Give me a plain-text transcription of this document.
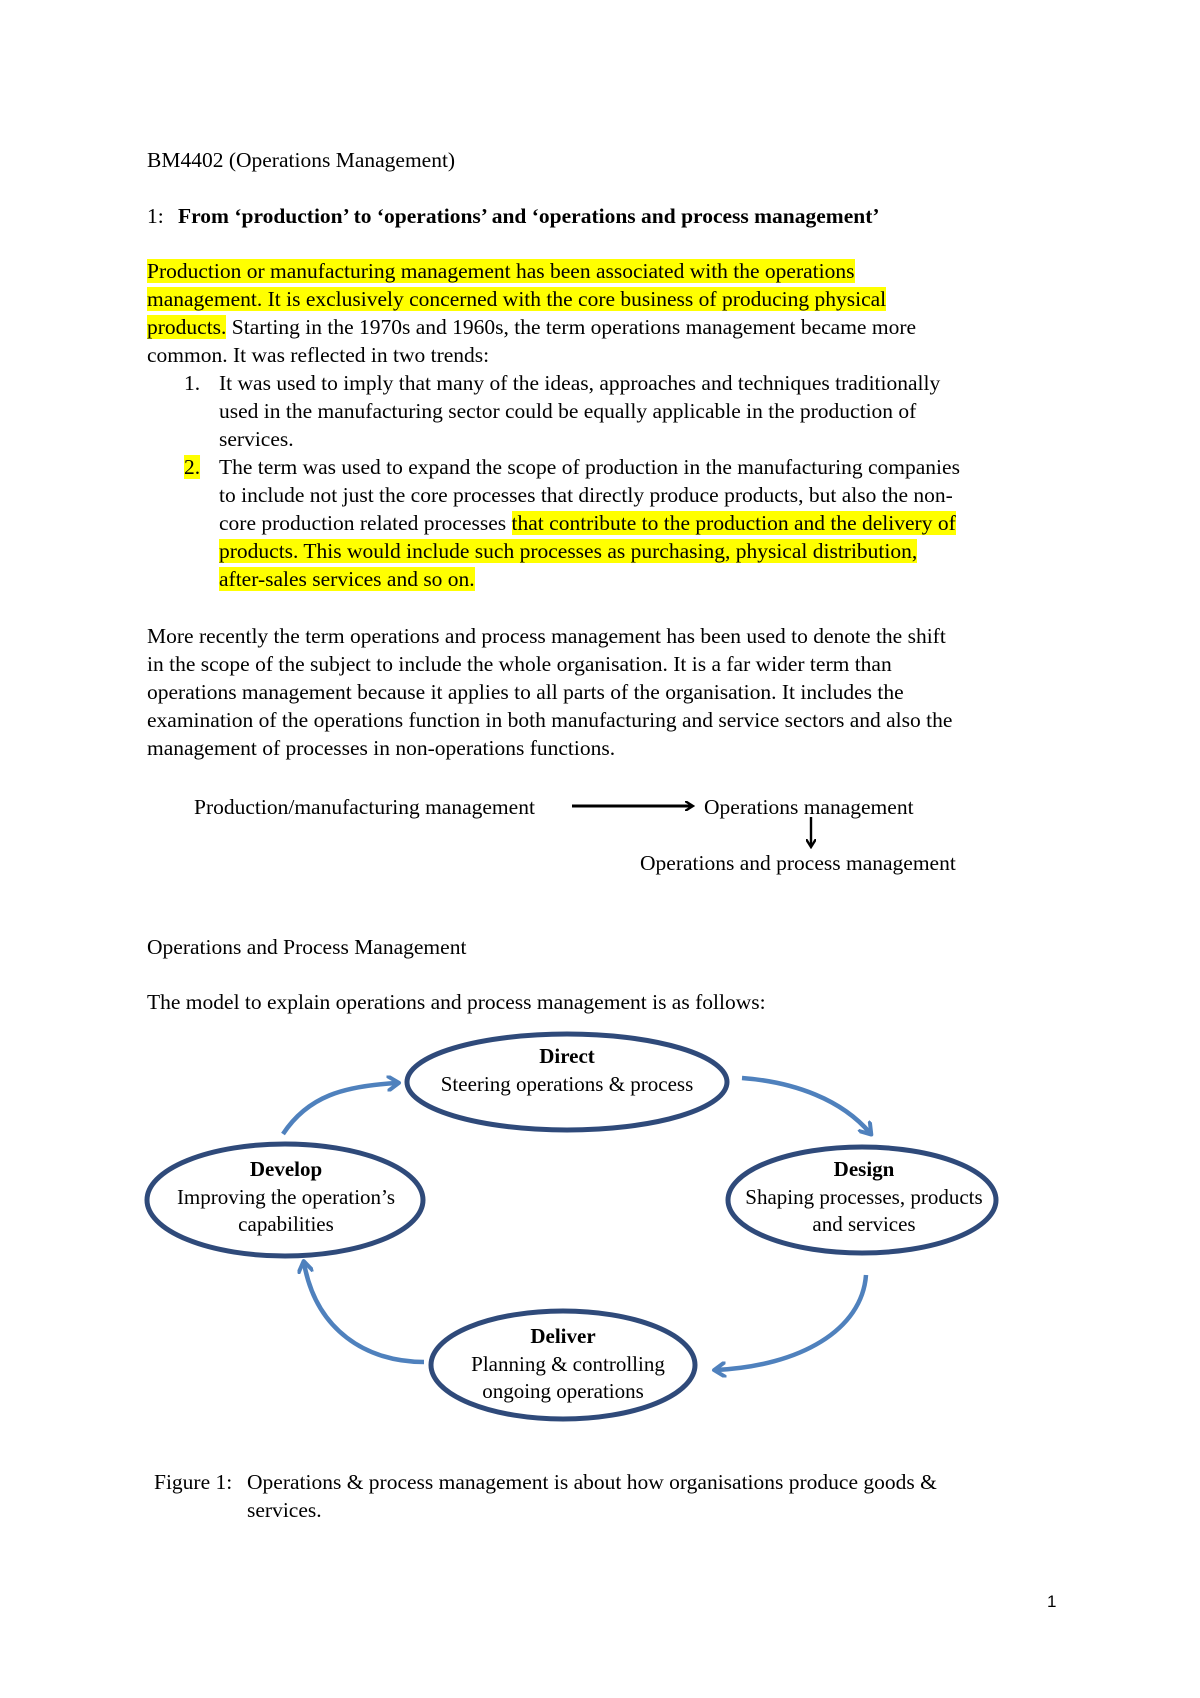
BM4402 (Operations Management)
1: From ‘production’ to ‘operations’ and ‘operations and process management’
Production or manufacturing management has been associated with the operations
management. It is exclusively concerned with the core business of producing physical
products. Starting in the 1970s and 1960s, the term operations management became more
common. It was reflected in two trends:
1. It was used to imply that many of the ideas, approaches and techniques traditionally
used in the manufacturing sector could be equally applicable in the production of
services.
2. The term was used to expand the scope of production in the manufacturing companies
to include not just the core processes that directly produce products, but also the non-
core production related processes that contribute to the production and the delivery of
products. This would include such processes as purchasing, physical distribution,
after-sales services and so on.
More recently the term operations and process management has been used to denote the shift
in the scope of the subject to include the whole organisation. It is a far wider term than
operations management because it applies to all parts of the organisation. It includes the
examination of the operations function in both manufacturing and service sectors and also the
management of processes in non-operations functions.
Production/manufacturing management	Operations management
Operations and process management
Operations and Process Management
The model to explain operations and process management is as follows:
Direct
Steering operations & process
Design
Shaping processes, products
and services
Deliver
Planning & controlling
ongoing operations
Develop
Improving the operation’s
capabilities
Figure 1: Operations & process management is about how organisations produce goods &
services.
1
